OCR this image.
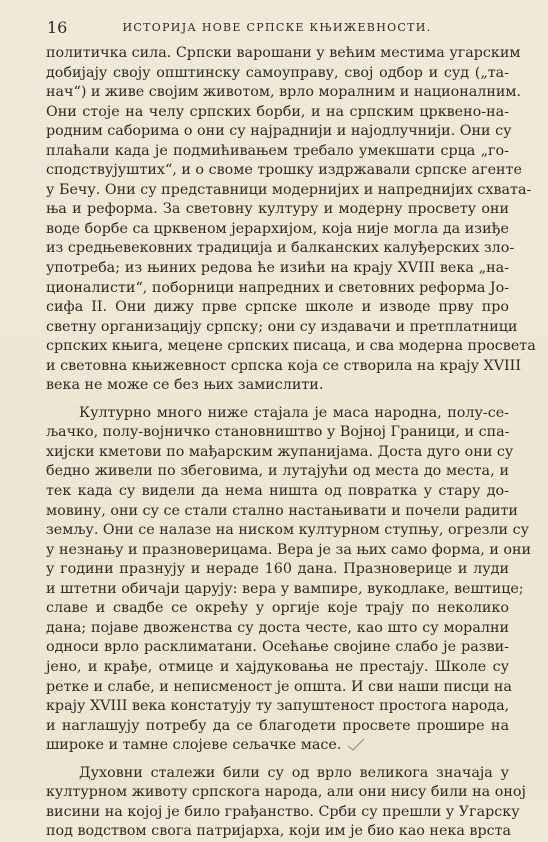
16	ИСТОРИЈА НОВЕ СРПСКЕ КЊИЖЕВНОСТИ.
политичка сила. Српски варошани у већим местима угарским
добијају своју општинску самоуправу, свој одбор и суд („та-
нач“) и живе својим животом, врло моралним и националним.
Они стоје на челу српских борби, и на српским црквено-на-
родним саборима о они су најраднији и најодлучнији. Они су
плаћали када је подмићивањем требало умекшати срца „го-
сподствујуштих“, и о своме трошку издржавали српске агенте
у Бечу. Они су представници модернијих и напреднијих схвата-
ња и реформа. За световну културу и модерну просвету они
воде борбе са црквеном јерархијом, која није могла да изиђе
из средњевековних традиција и балканских калуђерских зло-
употреба; из њиних редова ће изићи на крају XVIII века „на-
ционалисти“, поборници напредних и световних реформа Јо-
сифа II. Они дижу прве српске школе и изводе прву про
светну организацију српску; они су издавачи и претплатници
српских књига, мецене српских писаца, и сва модерна просвета
и световна књижевност српска која се створила на крају XVIII
века не може се без њих замислити.
Културно много ниже стајала је маса народна, полу-се-
љачко, полу-војничко становништво у Војној Граници, и спа-
хијски кметови по мађарским жупанијама. Доста дуго они су
бедно живели по збеговима, и лутајући од места до места, и
тек када су видели да нема ништа од повратка у стару до-
мовину, они су се стали стално настањивати и почели радити
земљу. Они се налазе на ниском културном ступњу, огрезли су
у незнању и празноверицама. Вера је за њих само форма, и они
у години празнују и нераде 160 дана. Празноверице и луди
и штетни обичаји царују: вера у вампире, вукодлаке, вештице;
славе и свадбе се окрећу у оргије које трају по неколико
дана; појаве двоженства су доста честе, као што су морални
односи врло расклиматани. Осећање својине слабо је разви-
јено, и крађе, отмице и хајдуковања не престају. Школе су
ретке и слабе, и неписменост је општа. И сви наши писци на
крају XVIII века констатују ту запуштеност простога народа,
и наглашују потребу да се благодети просвете прошире на
широке и тамне слојеве сељачке масе.
Духовни сталежи били су од врло великога значаја у
културном животу српскога народа, али они нису били на оној
висини на којој је било грађанство. Срби су прешли у Угарску
под водством свога патријарха, који им је био као нека врста
